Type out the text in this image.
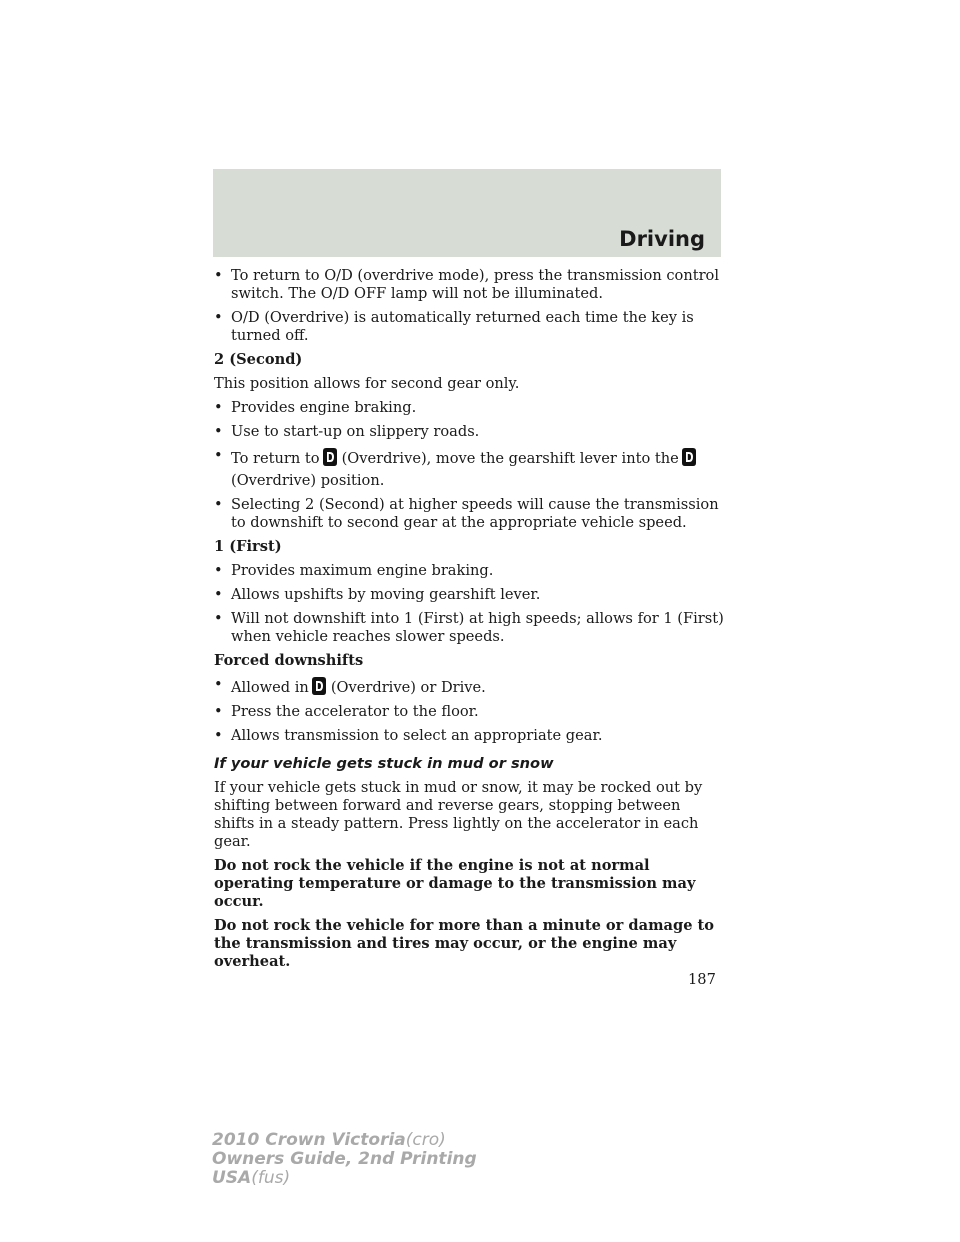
Driving
• To return to O/D (overdrive mode), press the transmission control switch. The O/D OFF lamp will not be illuminated.
• O/D (Overdrive) is automatically returned each time the key is turned off.
2 (Second)
This position allows for second gear only.
• Provides engine braking.
• Use to start-up on slippery roads.
• To return to (Overdrive), move the gearshift lever into the
(Overdrive) position.
• Selecting 2 (Second) at higher speeds will cause the transmission to downshift to second gear at the appropriate vehicle speed.
1 (First)
• Provides maximum engine braking.
• Allows upshifts by moving gearshift lever.
• Will not downshift into 1 (First) at high speeds; allows for 1 (First) when vehicle reaches slower speeds.
Forced downshifts
• Allowed in (Overdrive) or Drive.
• Press the accelerator to the floor.
• Allows transmission to select an appropriate gear.
If your vehicle gets stuck in mud or snow
If your vehicle gets stuck in mud or snow, it may be rocked out by shifting between forward and reverse gears, stopping between shifts in a steady pattern. Press lightly on the accelerator in each gear.
Do not rock the vehicle if the engine is not at normal operating temperature or damage to the transmission may occur.
Do not rock the vehicle for more than a minute or damage to the transmission and tires may occur, or the engine may overheat.
187
2010 Crown Victoria(cro)
Owners Guide, 2nd Printing
USA(fus)
